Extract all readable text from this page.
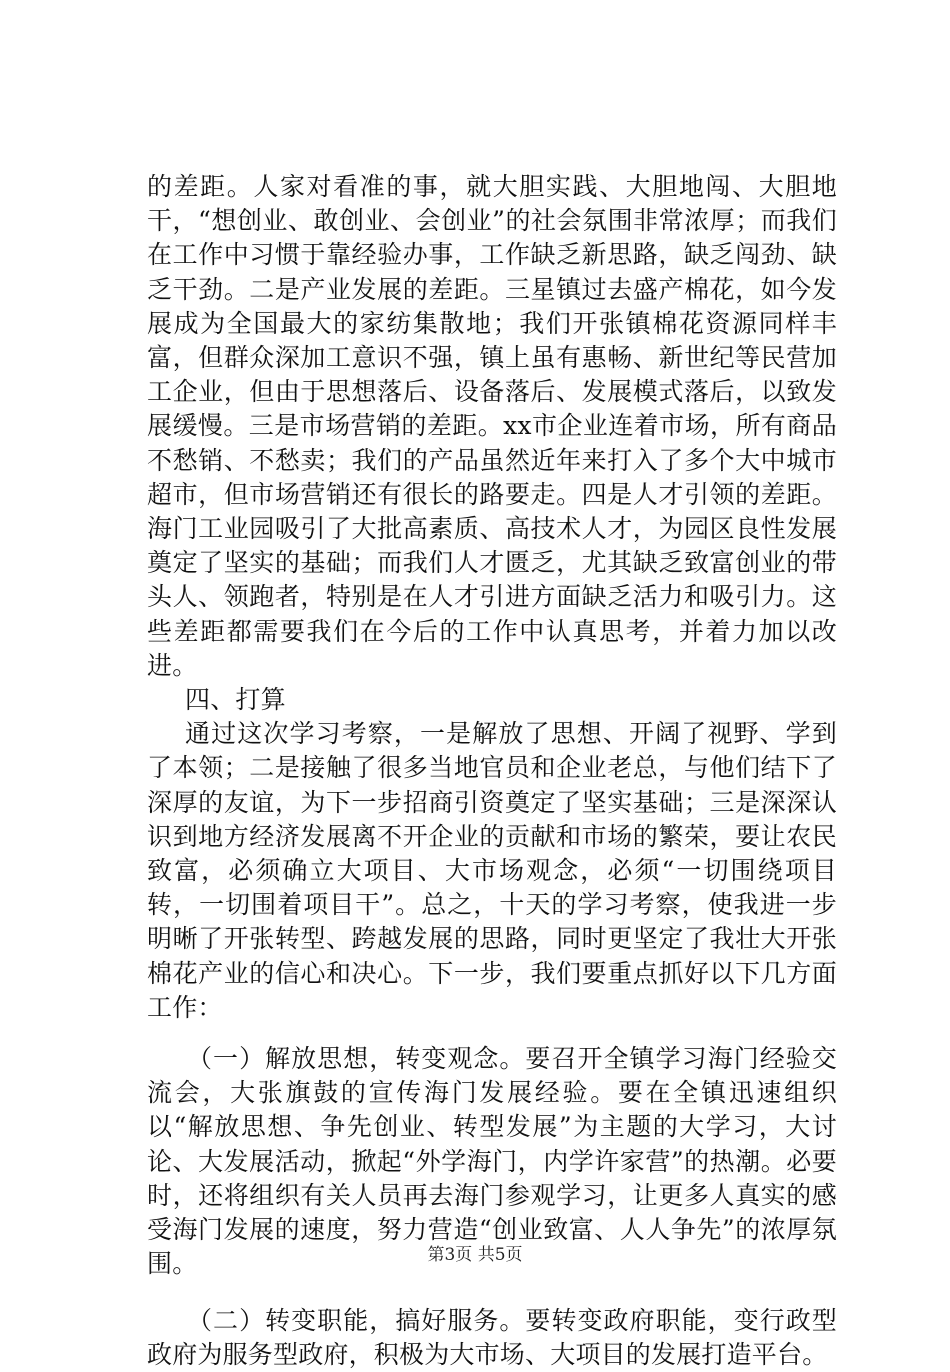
的差距。人家对看准的事，就大胆实践、大胆地闯、大胆地干，“想创业、敢创业、会创业”的社会氛围非常浓厚；而我们在工作中习惯于靠经验办事，工作缺乏新思路，缺乏闯劲、缺乏干劲。二是产业发展的差距。三星镇过去盛产棉花，如今发展成为全国最大的家纺集散地；我们开张镇棉花资源同样丰富，但群众深加工意识不强，镇上虽有惠畅、新世纪等民营加工企业，但由于思想落后、设备落后、发展模式落后，以致发展缓慢。三是市场营销的差距。xx市企业连着市场，所有商品不愁销、不愁卖；我们的产品虽然近年来打入了多个大中城市超市，但市场营销还有很长的路要走。四是人才引领的差距。海门工业园吸引了大批高素质、高技术人才，为园区良性发展奠定了坚实的基础；而我们人才匮乏，尤其缺乏致富创业的带头人、领跑者，特别是在人才引进方面缺乏活力和吸引力。这些差距都需要我们在今后的工作中认真思考，并着力加以改进。

四、打算

通过这次学习考察，一是解放了思想、开阔了视野、学到了本领；二是接触了很多当地官员和企业老总，与他们结下了深厚的友谊，为下一步招商引资奠定了坚实基础；三是深深认识到地方经济发展离不开企业的贡献和市场的繁荣，要让农民致富，必须确立大项目、大市场观念，必须“一切围绕项目转，一切围着项目干”。总之，十天的学习考察，使我进一步明晰了开张转型、跨越发展的思路，同时更坚定了我壮大开张棉花产业的信心和决心。下一步，我们要重点抓好以下几方面工作：

（一）解放思想，转变观念。要召开全镇学习海门经验交流会，大张旗鼓的宣传海门发展经验。要在全镇迅速组织以“解放思想、争先创业、转型发展”为主题的大学习，大讨论、大发展活动，掀起“外学海门，内学许家营”的热潮。必要时，还将组织有关人员再去海门参观学习，让更多人真实的感受海门发展的速度，努力营造“创业致富、人人争先”的浓厚氛围。

（二）转变职能，搞好服务。要转变政府职能，变行政型政府为服务型政府，积极为大市场、大项目的发展打造平台。

第3页 共5页
